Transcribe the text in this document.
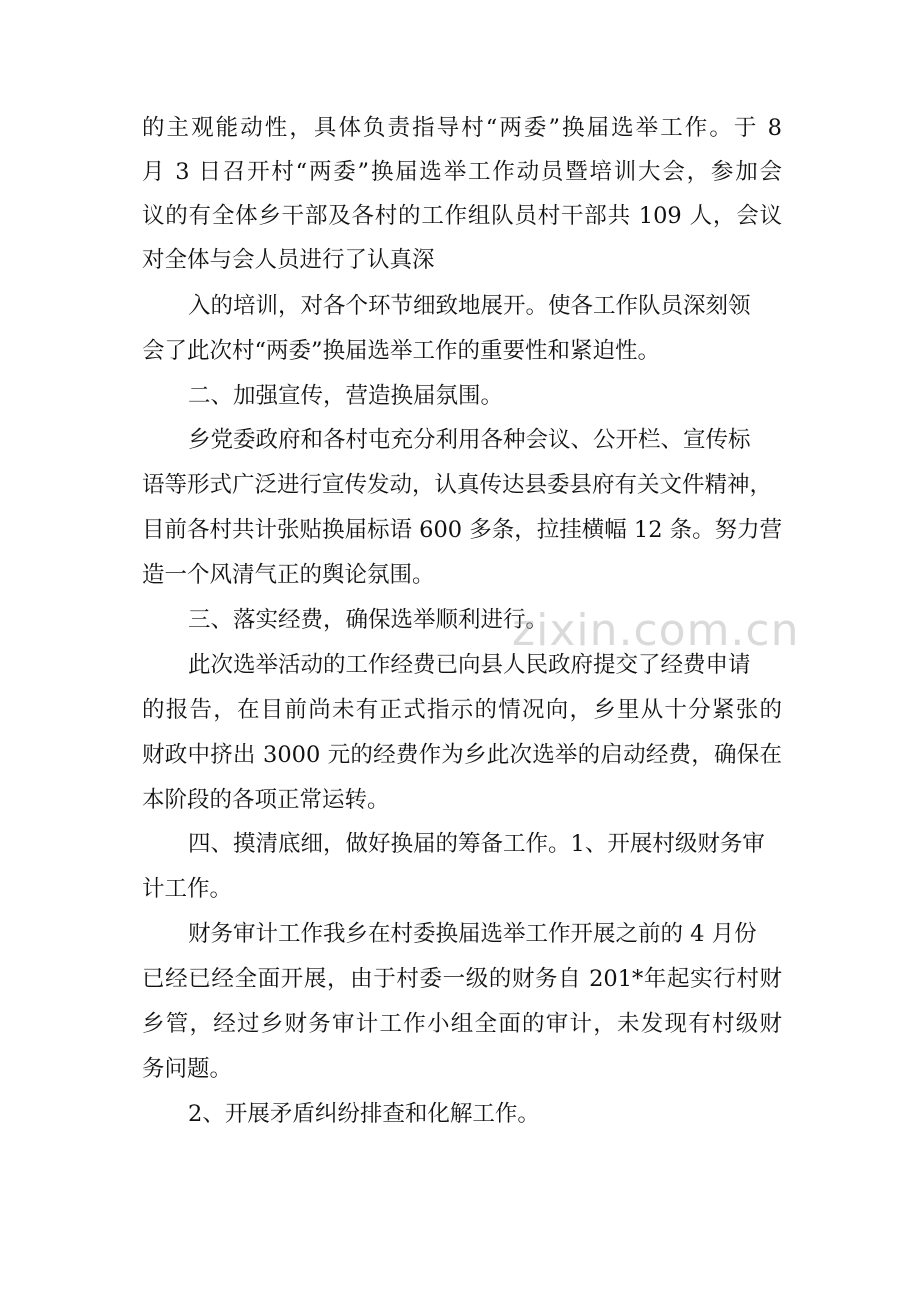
的主观能动性，具体负责指导村“两委”换届选举工作。于 8
月 3 日召开村“两委”换届选举工作动员暨培训大会，参加会
议的有全体乡干部及各村的工作组队员村干部共 109 人，会议
对全体与会人员进行了认真深
入的培训，对各个环节细致地展开。使各工作队员深刻领
会了此次村“两委”换届选举工作的重要性和紧迫性。
二、加强宣传，营造换届氛围。
乡党委政府和各村屯充分利用各种会议、公开栏、宣传标
语等形式广泛进行宣传发动，认真传达县委县府有关文件精神，
目前各村共计张贴换届标语 600 多条，拉挂横幅 12 条。努力营
造一个风清气正的舆论氛围。
三、落实经费，确保选举顺利进行。
此次选举活动的工作经费已向县人民政府提交了经费申请
的报告，在目前尚未有正式指示的情况向，乡里从十分紧张的
财政中挤出 3000 元的经费作为乡此次选举的启动经费，确保在
本阶段的各项正常运转。
四、摸清底细，做好换届的筹备工作。1、开展村级财务审
计工作。
财务审计工作我乡在村委换届选举工作开展之前的 4 月份
已经已经全面开展，由于村委一级的财务自 201*年起实行村财
乡管，经过乡财务审计工作小组全面的审计，未发现有村级财
务问题。
2、开展矛盾纠纷排查和化解工作。
zixin.com.cn
